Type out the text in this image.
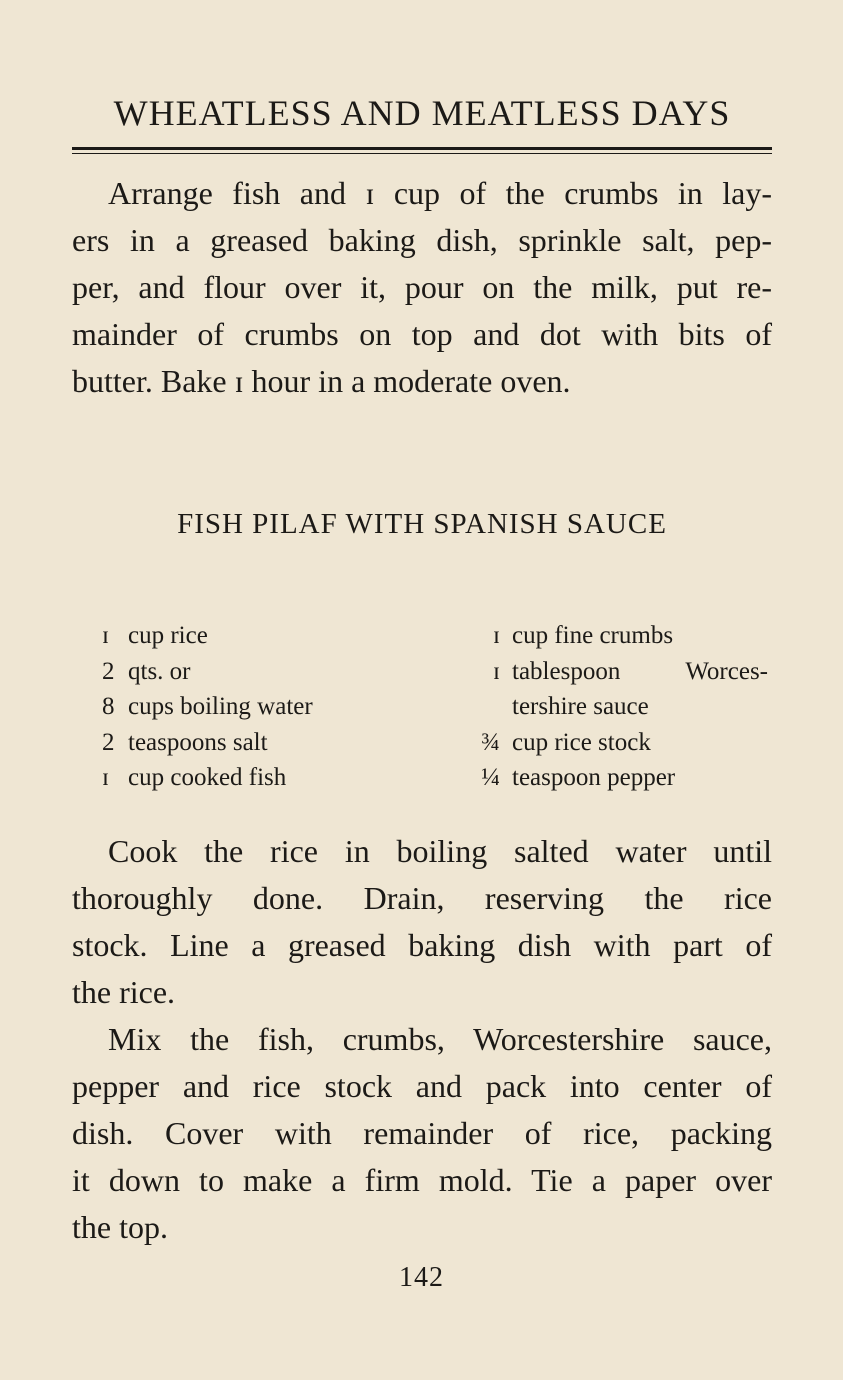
WHEATLESS AND MEATLESS DAYS

Arrange fish and ɪ cup of the crumbs in lay-
ers in a greased baking dish, sprinkle salt, pep-
per, and flour over it, pour on the milk, put re-
mainder of crumbs on top and dot with bits of
butter. Bake ɪ hour in a moderate oven.

FISH PILAF WITH SPANISH SAUCE
ɪ cup rice
2 qts. or
8 cups boiling water
2 teaspoons salt
ɪ cup cooked fish
ɪ cup fine crumbs
ɪ tablespoon	Worces-
tershire sauce
¾ cup rice stock
¼ teaspoon pepper

Cook the rice in boiling salted water until
thoroughly done. Drain, reserving the rice
stock. Line a greased baking dish with part of
the rice.

Mix the fish, crumbs, Worcestershire sauce,
pepper and rice stock and pack into center of
dish. Cover with remainder of rice, packing
it down to make a firm mold. Tie a paper over
the top.

142
